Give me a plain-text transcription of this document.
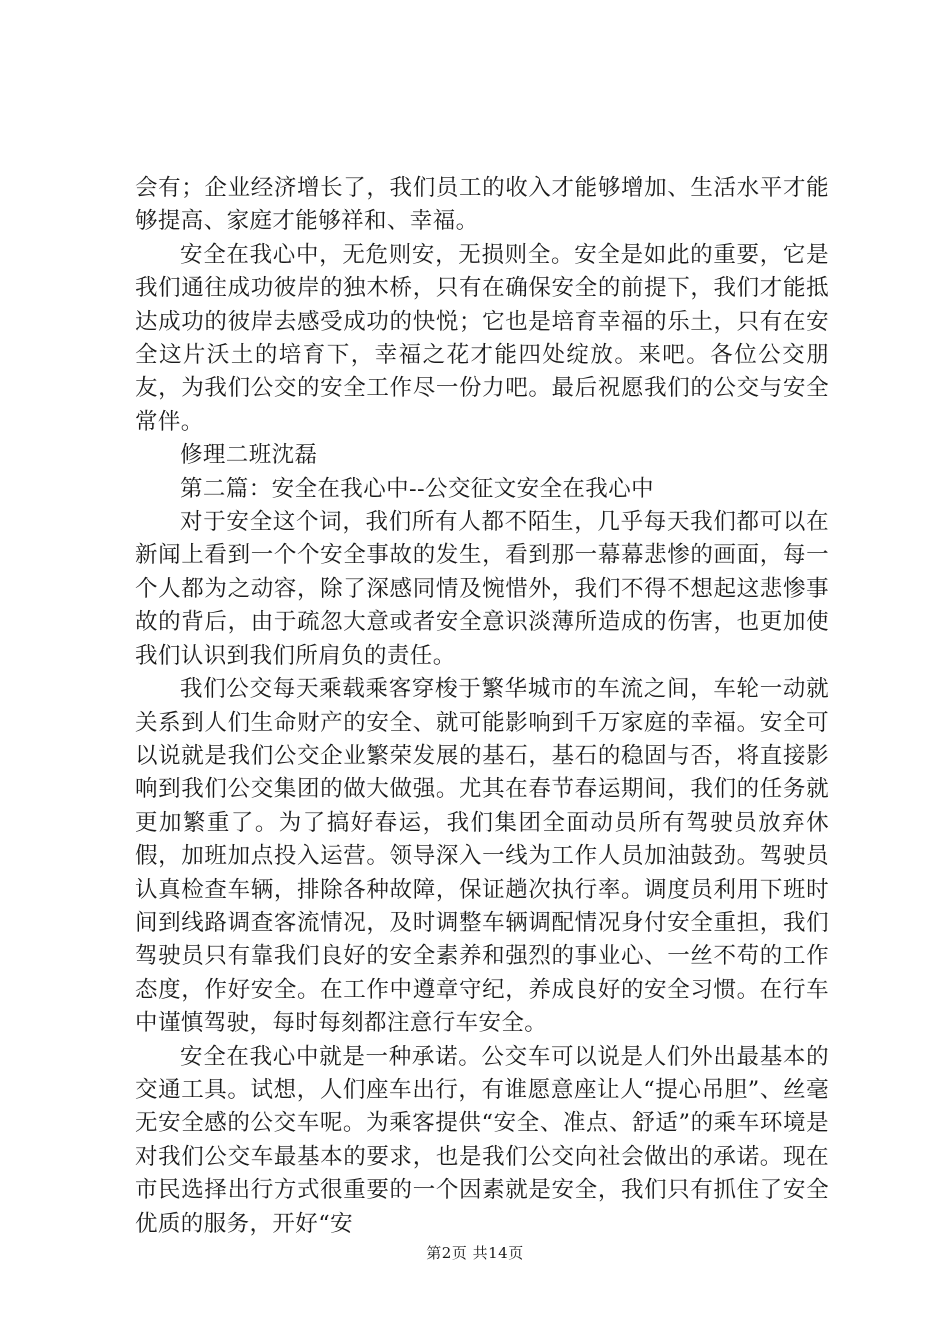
会有；企业经济增长了，我们员工的收入才能够增加、生活水平才能够提高、家庭才能够祥和、幸福。

安全在我心中，无危则安，无损则全。安全是如此的重要，它是我们通往成功彼岸的独木桥，只有在确保安全的前提下，我们才能抵达成功的彼岸去感受成功的快悦；它也是培育幸福的乐土，只有在安全这片沃土的培育下，幸福之花才能四处绽放。来吧。各位公交朋友，为我们公交的安全工作尽一份力吧。最后祝愿我们的公交与安全常伴。

修理二班沈磊

第二篇：安全在我心中--公交征文安全在我心中

对于安全这个词，我们所有人都不陌生，几乎每天我们都可以在新闻上看到一个个安全事故的发生，看到那一幕幕悲惨的画面，每一个人都为之动容，除了深感同情及惋惜外，我们不得不想起这悲惨事故的背后，由于疏忽大意或者安全意识淡薄所造成的伤害，也更加使我们认识到我们所肩负的责任。

我们公交每天乘载乘客穿梭于繁华城市的车流之间，车轮一动就关系到人们生命财产的安全、就可能影响到千万家庭的幸福。安全可以说就是我们公交企业繁荣发展的基石，基石的稳固与否，将直接影响到我们公交集团的做大做强。尤其在春节春运期间，我们的任务就更加繁重了。为了搞好春运，我们集团全面动员所有驾驶员放弃休假，加班加点投入运营。领导深入一线为工作人员加油鼓劲。驾驶员认真检查车辆，排除各种故障，保证趟次执行率。调度员利用下班时间到线路调查客流情况，及时调整车辆调配情况身付安全重担，我们驾驶员只有靠我们良好的安全素养和强烈的事业心、一丝不苟的工作态度，作好安全。在工作中遵章守纪，养成良好的安全习惯。在行车中谨慎驾驶，每时每刻都注意行车安全。

安全在我心中就是一种承诺。公交车可以说是人们外出最基本的交通工具。试想，人们座车出行，有谁愿意座让人“提心吊胆”、丝毫无安全感的公交车呢。为乘客提供“安全、准点、舒适”的乘车环境是对我们公交车最基本的要求，也是我们公交向社会做出的承诺。现在市民选择出行方式很重要的一个因素就是安全，我们只有抓住了安全优质的服务，开好“安

第2页 共14页
